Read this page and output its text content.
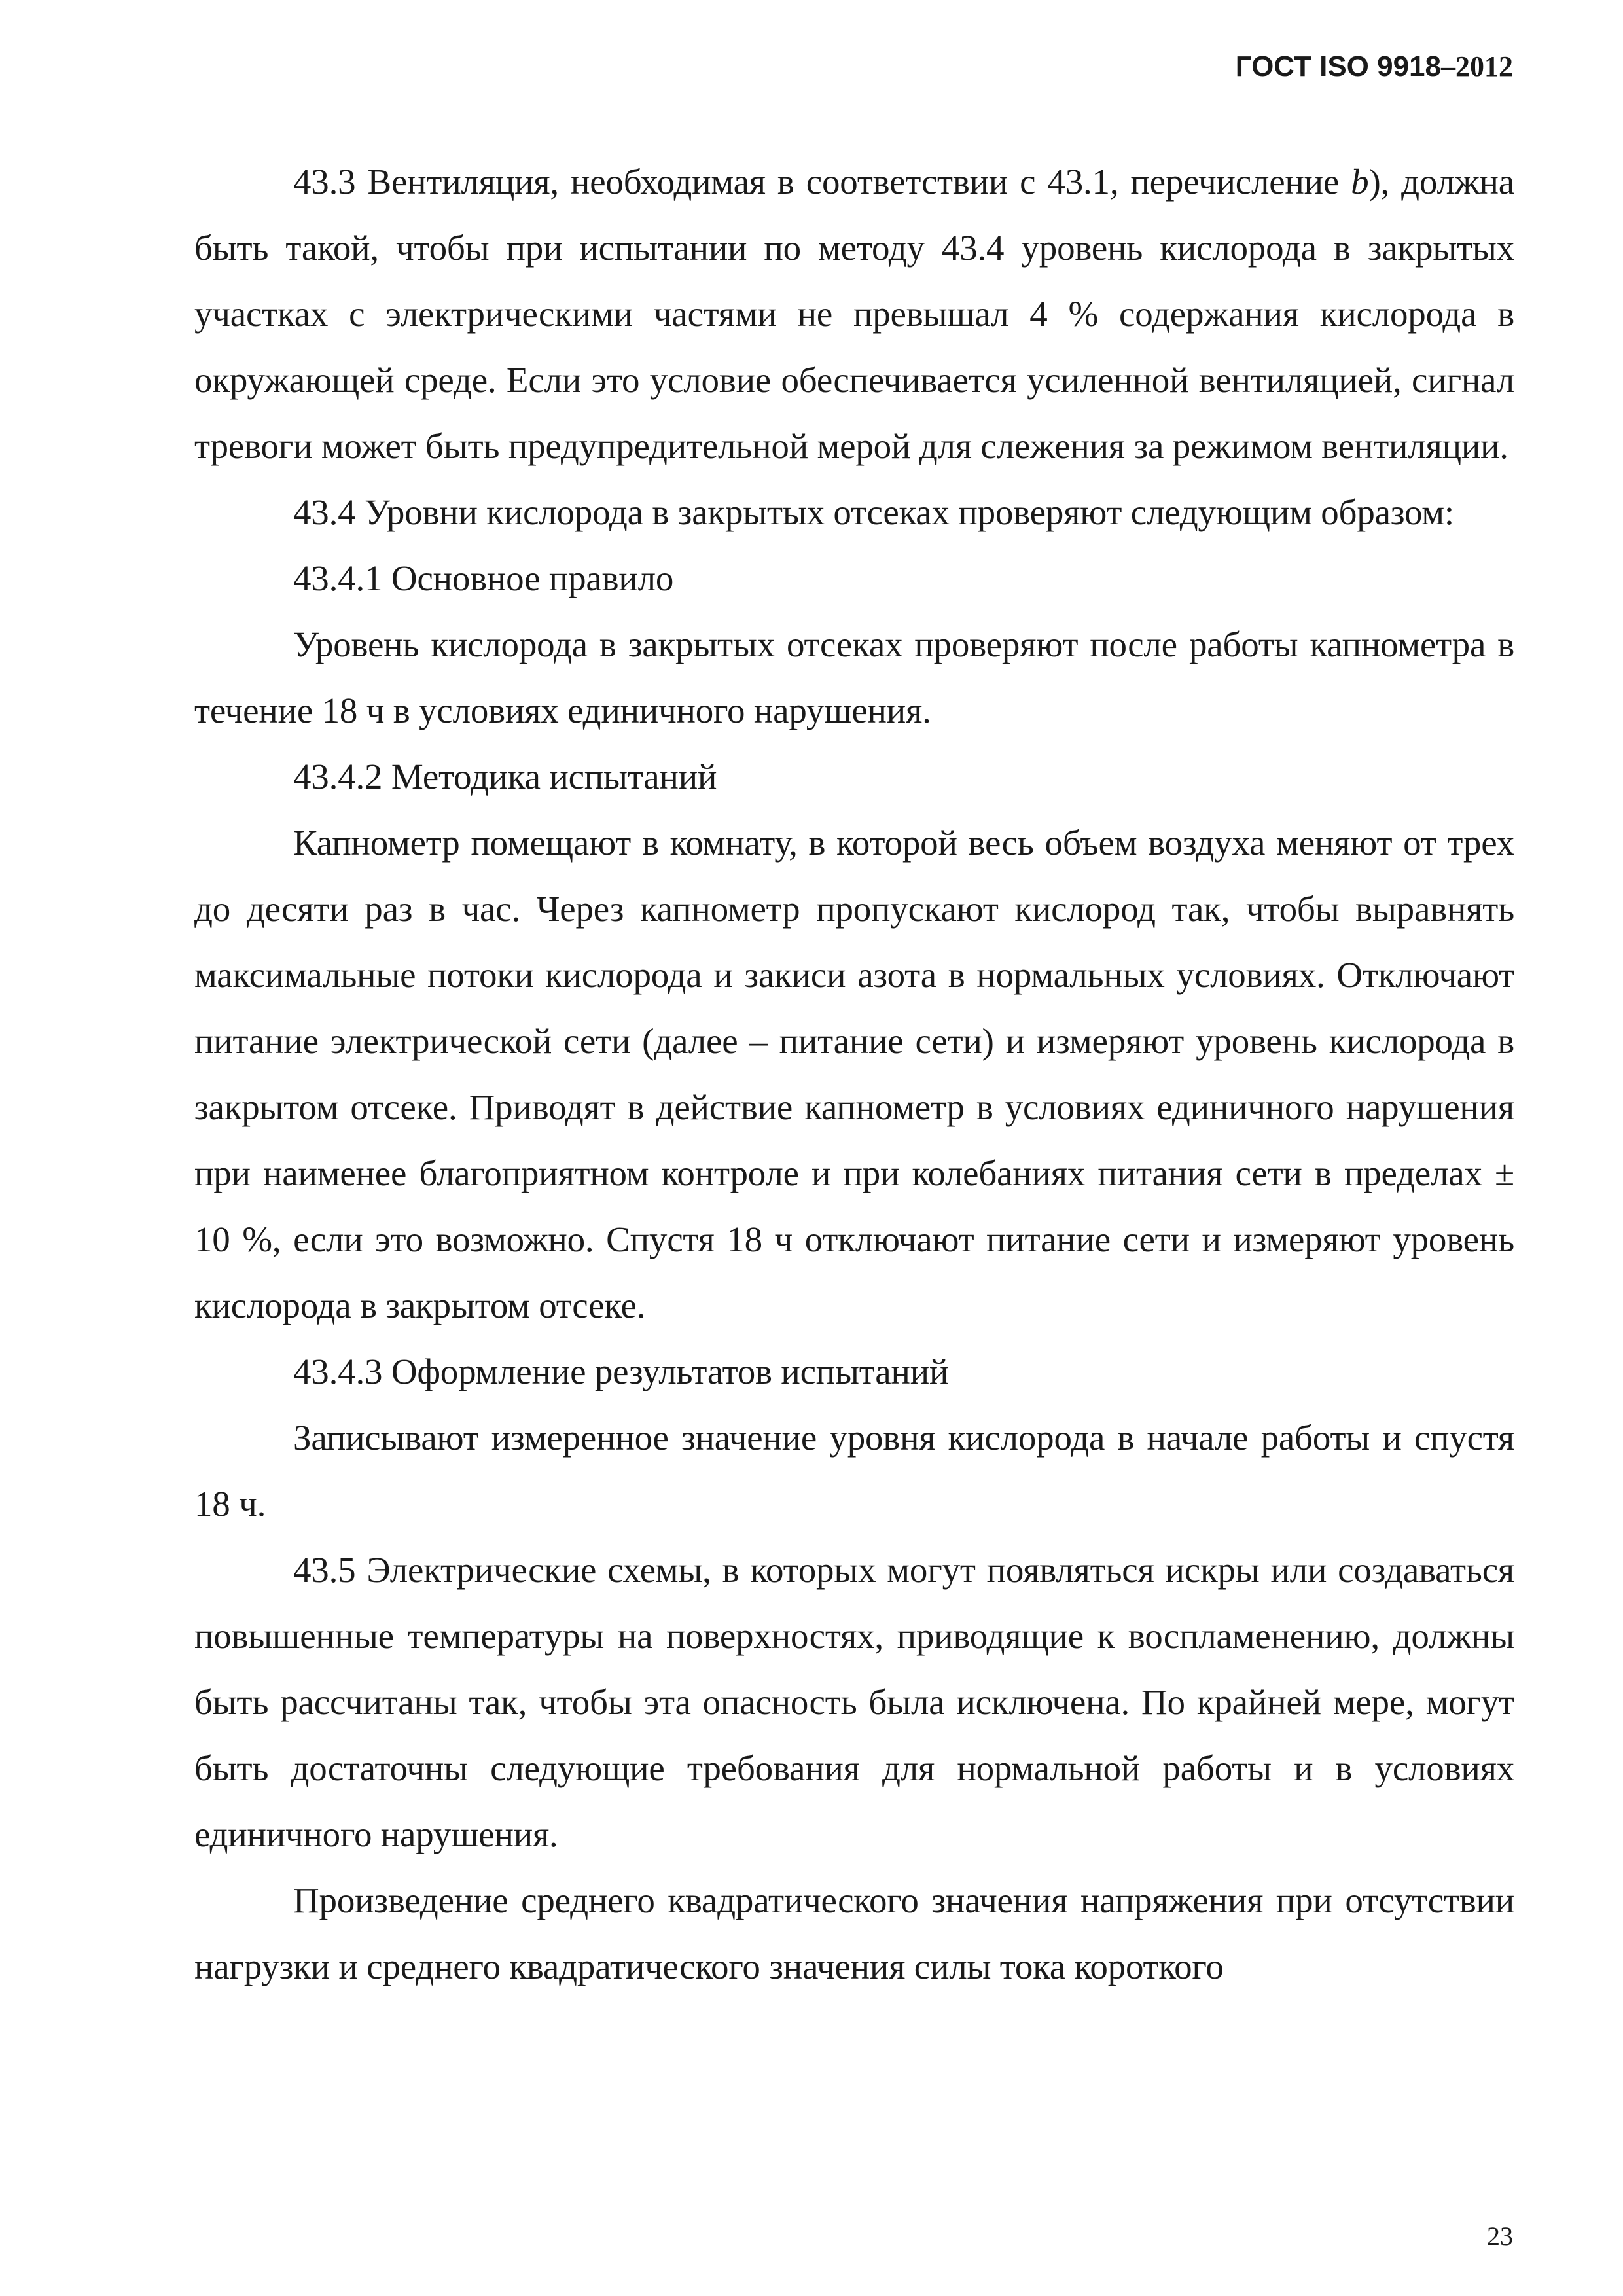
ГОСТ ISO 9918–2012

43.3 Вентиляция, необходимая в соответствии с 43.1, перечисление b), должна быть такой, чтобы при испытании по методу 43.4 уровень кислорода в закрытых участках с электрическими частями не превышал 4 % содержания кислорода в окружающей среде. Если это условие обеспечивается усиленной вентиляцией, сигнал тревоги может быть предупредительной мерой для слежения за режимом вентиляции.

43.4 Уровни кислорода в закрытых отсеках проверяют следующим образом:

43.4.1 Основное правило

Уровень кислорода в закрытых отсеках проверяют после работы капнометра в течение 18 ч в условиях единичного нарушения.

43.4.2 Методика испытаний

Капнометр помещают в комнату, в которой весь объем воздуха меняют от трех до десяти раз в час. Через капнометр пропускают кислород так, чтобы выравнять максимальные потоки кислорода и закиси азота в нормальных условиях. Отключают питание электрической сети (далее – питание сети) и измеряют уровень кислорода в закрытом отсеке. Приводят в действие капнометр в условиях единичного нарушения при наименее благоприятном контроле и при колебаниях питания сети в пределах ± 10 %, если это возможно. Спустя 18 ч отключают питание сети и измеряют уровень кислорода в закрытом отсеке.

43.4.3 Оформление результатов испытаний

Записывают измеренное значение уровня кислорода в начале работы и спустя 18 ч.

43.5 Электрические схемы, в которых могут появляться искры или создаваться повышенные температуры на поверхностях, приводящие к воспламенению, должны быть рассчитаны так, чтобы эта опасность была исключена. По крайней мере, могут быть достаточны следующие требования для нормальной работы и в условиях единичного нарушения.

Произведение среднего квадратического значения напряжения при отсутствии нагрузки и среднего квадратического значения силы тока короткого

23
